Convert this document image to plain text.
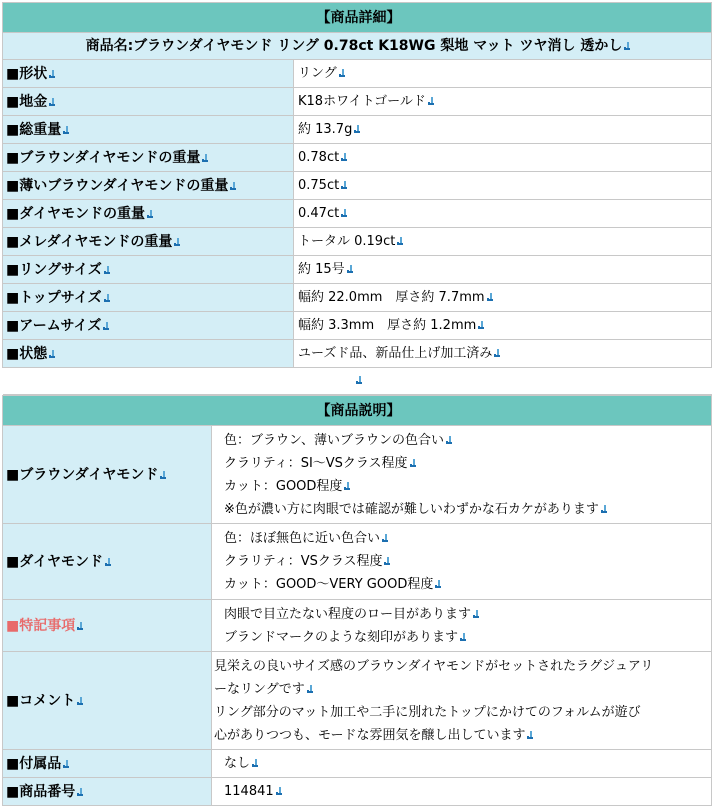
【商品詳細】	
商品名:ブラウンダイヤモンド リング 0.78ct K18WG 梨地 マット ツヤ消し 透かし	
■形状	リング
■地金	K18ホワイトゴールド
■総重量	約 13.7g
■ブラウンダイヤモンドの重量	0.78ct
■薄いブラウンダイヤモンドの重量	0.75ct
■ダイヤモンドの重量	0.47ct
■メレダイヤモンドの重量	トータル 0.19ct
■リングサイズ	約 15号
■トップサイズ	幅約 22.0mm　厚さ約 7.7mm
■アームサイズ	幅約 3.3mm　厚さ約 1.2mm
■状態	ユーズド品、新品仕上げ加工済み

【商品説明】	
■ブラウンダイヤモンド	色：ブラウン、薄いブラウンの色合い
クラリティ：SI～VSクラス程度
カット：GOOD程度
※色が濃い方に肉眼では確認が難しいわずかな石カケがあります

■ダイヤモンド	色：ほぼ無色に近い色合い
クラリティ：VSクラス程度
カット：GOOD～VERY GOOD程度

■特記事項	肉眼で目立たない程度のロー目があります
ブランドマークのような刻印があります

■コメント	見栄えの良いサイズ感のブラウンダイヤモンドがセットされたラグジュアリ
ーなリングです
リング部分のマット加工や二手に別れたトップにかけてのフォルムが遊び
心がありつつも、モードな雰囲気を醸し出しています

■付属品	なし
■商品番号	114841
